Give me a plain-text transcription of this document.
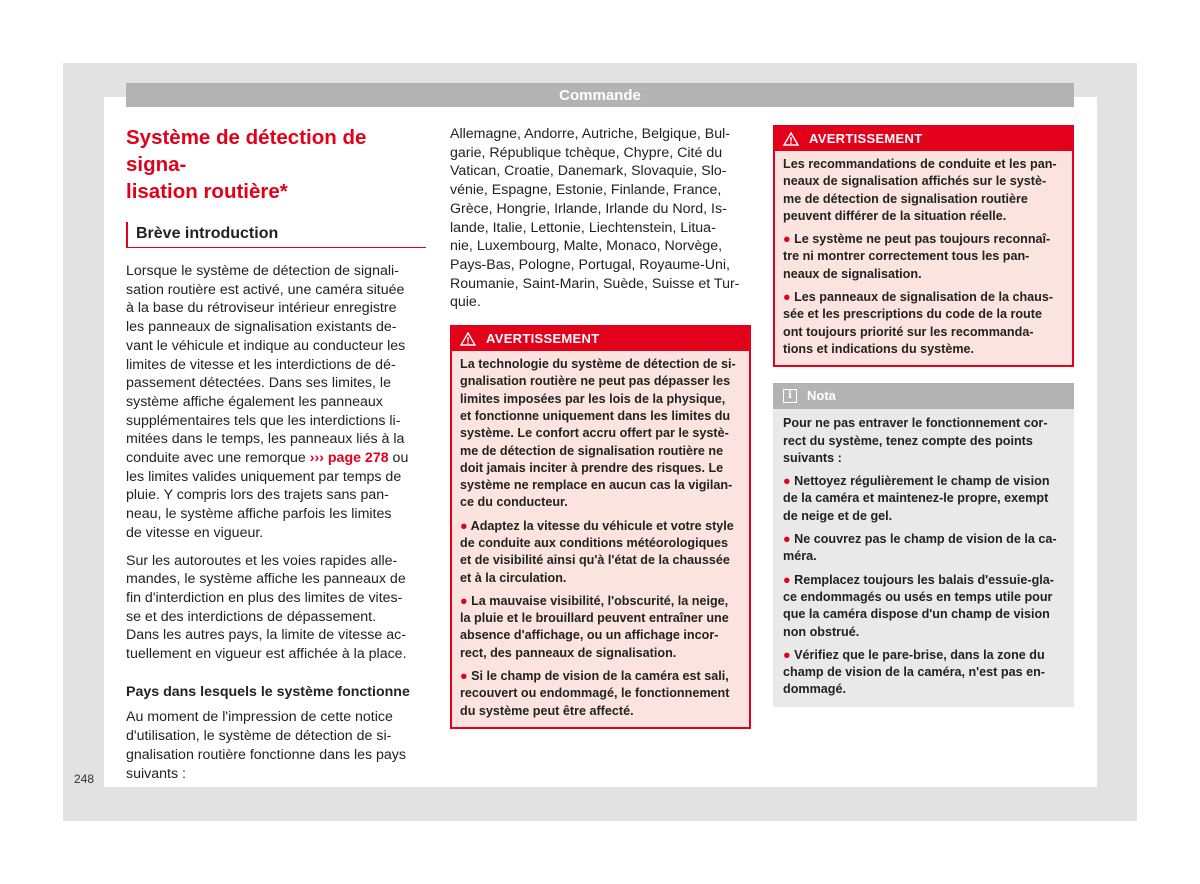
Commande
Système de détection de signa-
lisation routière*
Brève introduction

Lorsque le système de détection de signali-
sation routière est activé, une caméra située
à la base du rétroviseur intérieur enregistre
les panneaux de signalisation existants de-
vant le véhicule et indique au conducteur les
limites de vitesse et les interdictions de dé-
passement détectées. Dans ses limites, le
système affiche également les panneaux
supplémentaires tels que les interdictions li-
mitées dans le temps, les panneaux liés à la
conduite avec une remorque ››› page 278 ou
les limites valides uniquement par temps de
pluie. Y compris lors des trajets sans pan-
neau, le système affiche parfois les limites
de vitesse en vigueur.

Sur les autoroutes et les voies rapides alle-
mandes, le système affiche les panneaux de
fin d'interdiction en plus des limites de vites-
se et des interdictions de dépassement.
Dans les autres pays, la limite de vitesse ac-
tuellement en vigueur est affichée à la place.

Pays dans lesquels le système fonctionne

Au moment de l'impression de cette notice
d'utilisation, le système de détection de si-
gnalisation routière fonctionne dans les pays
suivants :

Allemagne, Andorre, Autriche, Belgique, Bul-
garie, République tchèque, Chypre, Cité du
Vatican, Croatie, Danemark, Slovaquie, Slo-
vénie, Espagne, Estonie, Finlande, France,
Grèce, Hongrie, Irlande, Irlande du Nord, Is-
lande, Italie, Lettonie, Liechtenstein, Litua-
nie, Luxembourg, Malte, Monaco, Norvège,
Pays-Bas, Pologne, Portugal, Royaume-Uni,
Roumanie, Saint-Marin, Suède, Suisse et Tur-
quie.

AVERTISSEMENT

La technologie du système de détection de si-
gnalisation routière ne peut pas dépasser les
limites imposées par les lois de la physique,
et fonctionne uniquement dans les limites du
système. Le confort accru offert par le systè-
me de détection de signalisation routière ne
doit jamais inciter à prendre des risques. Le
système ne remplace en aucun cas la vigilan-
ce du conducteur.

● Adaptez la vitesse du véhicule et votre style
de conduite aux conditions météorologiques
et de visibilité ainsi qu'à l'état de la chaussée
et à la circulation.
● La mauvaise visibilité, l'obscurité, la neige,
la pluie et le brouillard peuvent entraîner une
absence d'affichage, ou un affichage incor-
rect, des panneaux de signalisation.
● Si le champ de vision de la caméra est sali,
recouvert ou endommagé, le fonctionnement
du système peut être affecté.
AVERTISSEMENT

Les recommandations de conduite et les pan-
neaux de signalisation affichés sur le systè-
me de détection de signalisation routière
peuvent différer de la situation réelle.

● Le système ne peut pas toujours reconnaî-
tre ni montrer correctement tous les pan-
neaux de signalisation.
● Les panneaux de signalisation de la chaus-
sée et les prescriptions du code de la route
ont toujours priorité sur les recommanda-
tions et indications du système.
i	Nota

Pour ne pas entraver le fonctionnement cor-
rect du système, tenez compte des points
suivants :

● Nettoyez régulièrement le champ de vision
de la caméra et maintenez-le propre, exempt
de neige et de gel.
● Ne couvrez pas le champ de vision de la ca-
méra.
● Remplacez toujours les balais d'essuie-gla-
ce endommagés ou usés en temps utile pour
que la caméra dispose d'un champ de vision
non obstrué.
● Vérifiez que le pare-brise, dans la zone du
champ de vision de la caméra, n'est pas en-
dommagé.
248
